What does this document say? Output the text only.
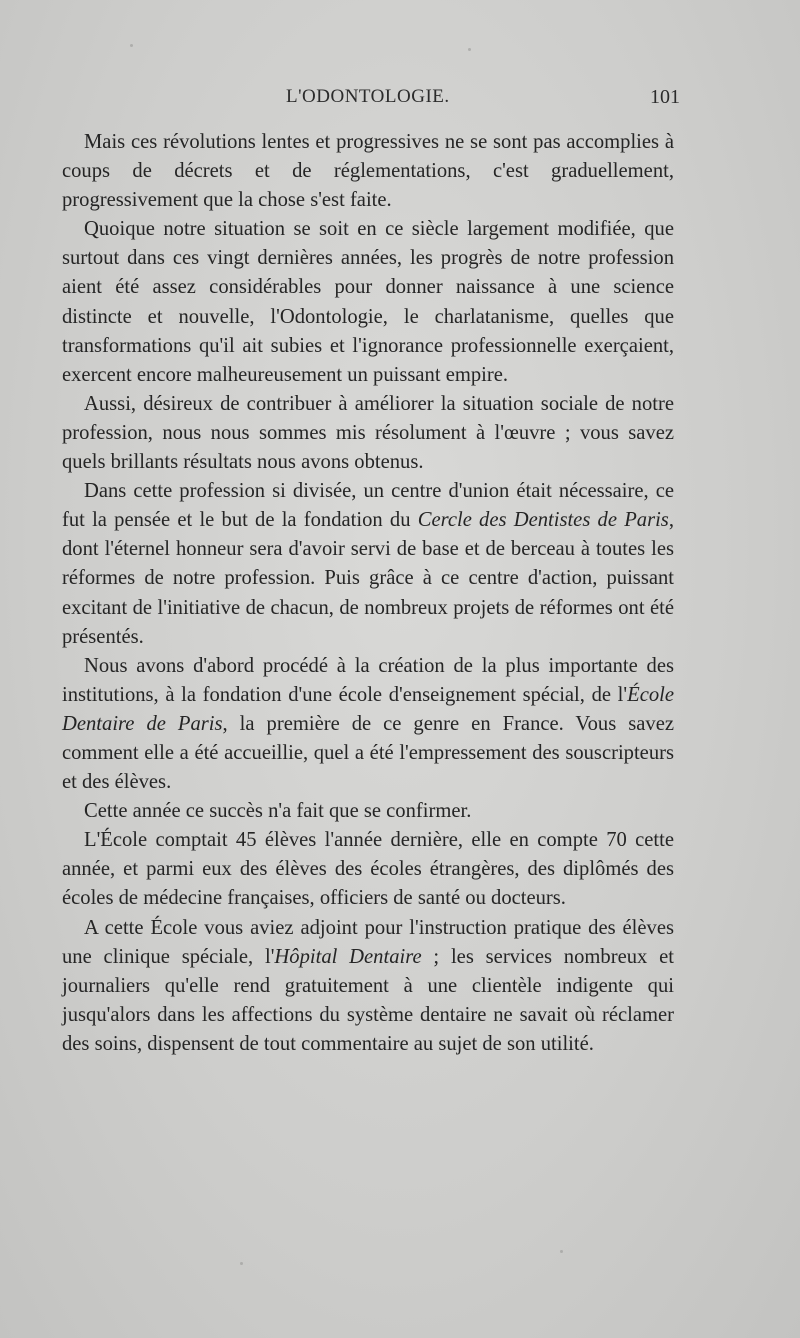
L'ODONTOLOGIE.	101

Mais ces révolutions lentes et progressives ne se sont pas accomplies à coups de décrets et de réglementations, c'est graduellement, progressivement que la chose s'est faite.

Quoique notre situation se soit en ce siècle largement modifiée, que surtout dans ces vingt dernières années, les progrès de notre profession aient été assez considérables pour donner naissance à une science distincte et nouvelle, l'Odontologie, le charlatanisme, quelles que transformations qu'il ait subies et l'ignorance professionnelle exerçaient, exercent encore malheureusement un puissant empire.

Aussi, désireux de contribuer à améliorer la situation sociale de notre profession, nous nous sommes mis résolument à l'œuvre ; vous savez quels brillants résultats nous avons obtenus.

Dans cette profession si divisée, un centre d'union était nécessaire, ce fut la pensée et le but de la fondation du Cercle des Dentistes de Paris, dont l'éternel honneur sera d'avoir servi de base et de berceau à toutes les réformes de notre profession. Puis grâce à ce centre d'action, puissant excitant de l'initiative de chacun, de nombreux projets de réformes ont été présentés.

Nous avons d'abord procédé à la création de la plus importante des institutions, à la fondation d'une école d'enseignement spécial, de l'École Dentaire de Paris, la première de ce genre en France. Vous savez comment elle a été accueillie, quel a été l'empressement des souscripteurs et des élèves.

Cette année ce succès n'a fait que se confirmer.

L'École comptait 45 élèves l'année dernière, elle en compte 70 cette année, et parmi eux des élèves des écoles étrangères, des diplômés des écoles de médecine françaises, officiers de santé ou docteurs.

A cette École vous aviez adjoint pour l'instruction pratique des élèves une clinique spéciale, l'Hôpital Dentaire ; les services nombreux et journaliers qu'elle rend gratuitement à une clientèle indigente qui jusqu'alors dans les affections du système dentaire ne savait où réclamer des soins, dispensent de tout commentaire au sujet de son utilité.
